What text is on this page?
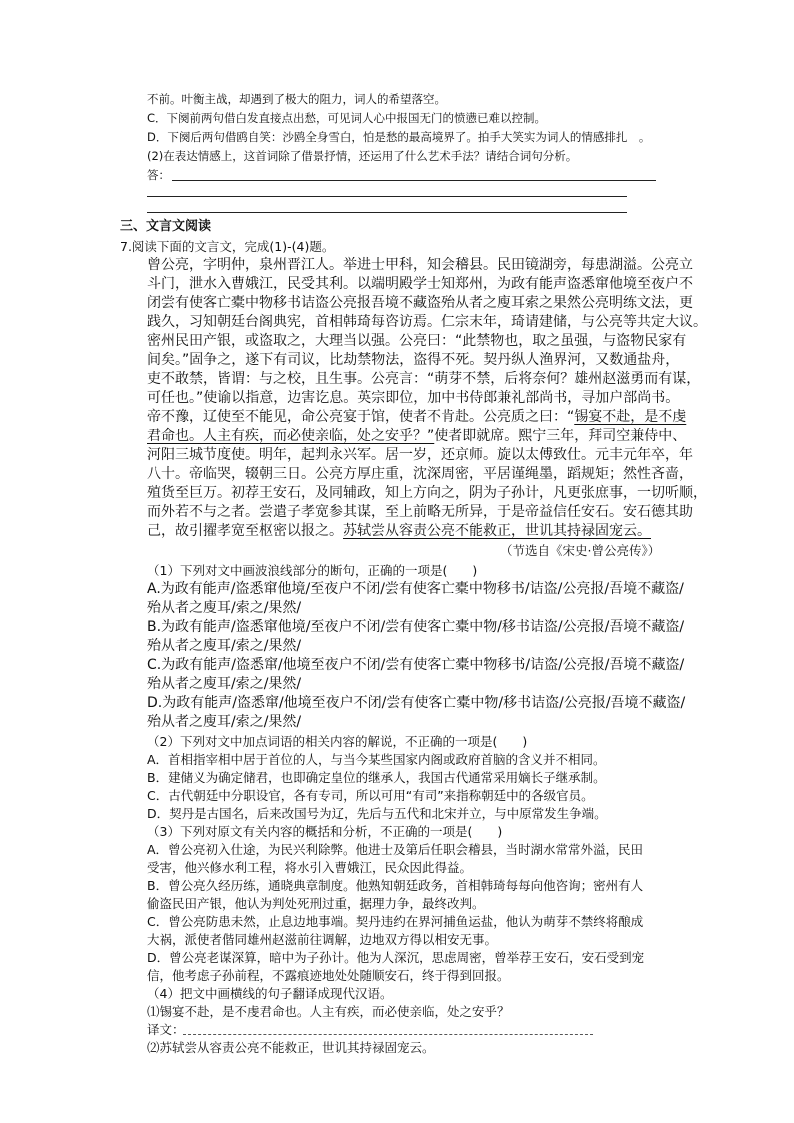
不前。叶衡主战，却遇到了极大的阻力，词人的希望落空。
C．下阕前两句借白发直接点出愁，可见词人心中报国无门的愤懑已难以控制。
D．下阕后两句借鸥自笑：沙鸥全身雪白，怕是愁的最高境界了。拍手大笑实为词人的情感排扎　。
(2)在表达情感上，这首词除了借景抒情，还运用了什么艺术手法？请结合词句分析。
答：
三、文言文阅读
7.阅读下面的文言文，完成(1)-(4)题。
曾公亮，字明仲，泉州晋江人。举进士甲科，知会稽县。民田镜湖旁，每患湖溢。公亮立
斗门，泄水入曹娥江，民受其利。以端明殿学士知郑州，为政有能声盗悉窜他境至夜户不
闭尝有使客亡橐中物移书诘盗公亮报吾境不藏盗殆从者之廋耳索之果然公亮明练文法，更
践久，习知朝廷台阁典宪，首相韩琦每咨访焉。仁宗末年，琦请建储，与公亮等共定大议。
密州民田产银，或盗取之，大理当以强。公亮曰：“此禁物也，取之虽强，与盗物民家有
间矣。”固争之，遂下有司议，比劫禁物法，盗得不死。契丹纵人渔界河，又数通盐舟，
吏不敢禁，皆谓：与之校，且生事。公亮言：“萌芽不禁，后将奈何？雄州赵滋勇而有谋，
可任也。”使谕以指意，边害讫息。英宗即位，加中书侍郎兼礼部尚书，寻加户部尚书。
帝不豫，辽使至不能见，命公亮宴于馆，使者不肯赴。公亮质之曰：“锡宴不赴，是不虔
君命也。人主有疾，而必使亲临，处之安乎？”使者即就席。熙宁三年，拜司空兼侍中、
河阳三城节度使。明年，起判永兴军。居一岁，还京师。旋以太傅致仕。元丰元年卒，年
八十。帝临哭，辍朝三日。公亮方厚庄重，沈深周密，平居谨绳墨，蹈规矩；然性吝啬，
殖货至巨万。初荐王安石，及同辅政，知上方向之，阴为子孙计，凡更张庶事，一切听顺，
而外若不与之者。尝遣子孝宽参其谋，至上前略无所异，于是帝益信任安石。安石德其助
己，故引擢孝宽至枢密以报之。苏轼尝从容责公亮不能救正，世讥其持禄固宠云。
（节选自《宋史·曾公亮传》）
（1）下列对文中画波浪线部分的断句，正确的一项是(　　)
A.为政有能声/盗悉窜他境/至夜户不闭/尝有使客亡橐中物移书/诘盗/公亮报/吾境不藏盗/
殆从者之廋耳/索之/果然/
B.为政有能声/盗悉窜他境/至夜户不闭/尝有使客亡橐中物/移书诘盗/公亮报/吾境不藏盗/
殆从者之廋耳/索之/果然/
C.为政有能声/盗悉窜/他境至夜户不闭/尝有使客亡橐中物移书/诘盗/公亮报/吾境不藏盗/
殆从者之廋耳/索之/果然/
D.为政有能声/盗悉窜/他境至夜户不闭/尝有使客亡橐中物/移书诘盗/公亮报/吾境不藏盗/
殆从者之廋耳/索之/果然/
（2）下列对文中加点词语的相关内容的解说，不正确的一项是(　　)
A．首相指宰相中居于首位的人，与当今某些国家内阁或政府首脑的含义并不相同。
B．建储义为确定储君，也即确定皇位的继承人，我国古代通常采用嫡长子继承制。
C．古代朝廷中分职设官，各有专司，所以可用“有司”来指称朝廷中的各级官员。
D．契丹是古国名，后来改国号为辽，先后与五代和北宋并立，与中原常发生争端。
（3）下列对原文有关内容的概括和分析，不正确的一项是(　　)
A．曾公亮初入仕途，为民兴利除弊。他进士及第后任职会稽县，当时湖水常常外溢，民田
受害，他兴修水利工程，将水引入曹娥江，民众因此得益。
B．曾公亮久经历练，通晓典章制度。他熟知朝廷政务，首相韩琦每每向他咨询；密州有人
偷盗民田产银，他认为判处死刑过重，据理力争，最终改判。
C．曾公亮防患未然，止息边地事端。契丹违约在界河捕鱼运盐，他认为萌芽不禁终将酿成
大祸，派使者偕同雄州赵滋前往调解，边地双方得以相安无事。
D．曾公亮老谋深算，暗中为子孙计。他为人深沉，思虑周密，曾举荐王安石，安石受到宠
信，他考虑子孙前程，不露痕迹地处处随顺安石，终于得到回报。
（4）把文中画横线的句子翻译成现代汉语。
⑴锡宴不赴，是不虔君命也。人主有疾，而必使亲临，处之安乎？
译文：
⑵苏轼尝从容责公亮不能救正，世讥其持禄固宠云。
